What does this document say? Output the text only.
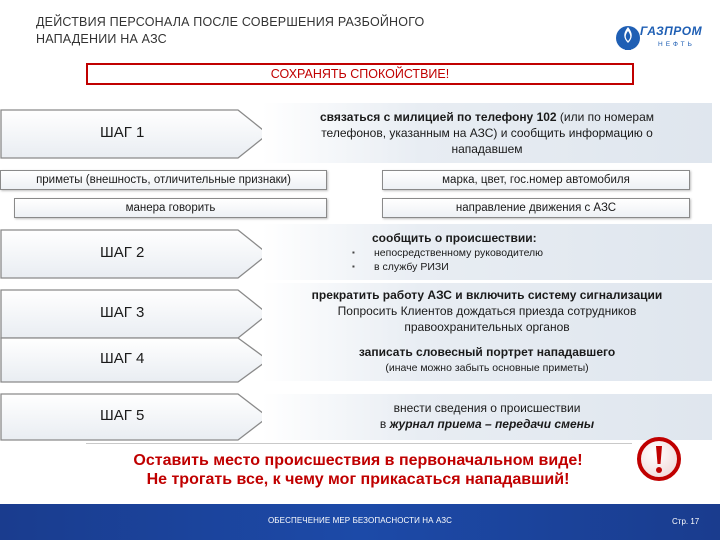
ДЕЙСТВИЯ ПЕРСОНАЛА ПОСЛЕ СОВЕРШЕНИЯ РАЗБОЙНОГО
НАПАДЕНИИ НА АЗС
ГАЗПРОМ
НЕФТЬ
СОХРАНЯТЬ СПОКОЙСТВИЕ!
ШАГ 1
связаться с милицией по телефону 102 (или по номерам
телефонов, указанным на АЗС) и сообщить информацию о
нападавшем
приметы (внешность, отличительные признаки)	марка, цвет, гос.номер автомобиля
манера говорить	направление движения с АЗС
ШАГ 2
сообщить о происшествии:
▪ непосредственному руководителю
▪ в службу РИЗИ
ШАГ 3
прекратить работу АЗС и включить систему сигнализации
Попросить Клиентов дождаться приезда сотрудников
правоохранительных органов
ШАГ 4	записать словесный портрет нападавшего
(иначе можно забыть основные приметы)
ШАГ 5	внести сведения о происшествии
в журнал приема – передачи смены
Оставить место происшествия в первоначальном виде!
Не трогать все, к чему мог прикасаться нападавший!
ОБЕСПЕЧЕНИЕ МЕР БЕЗОПАСНОСТИ НА АЗС	Стр. 17
